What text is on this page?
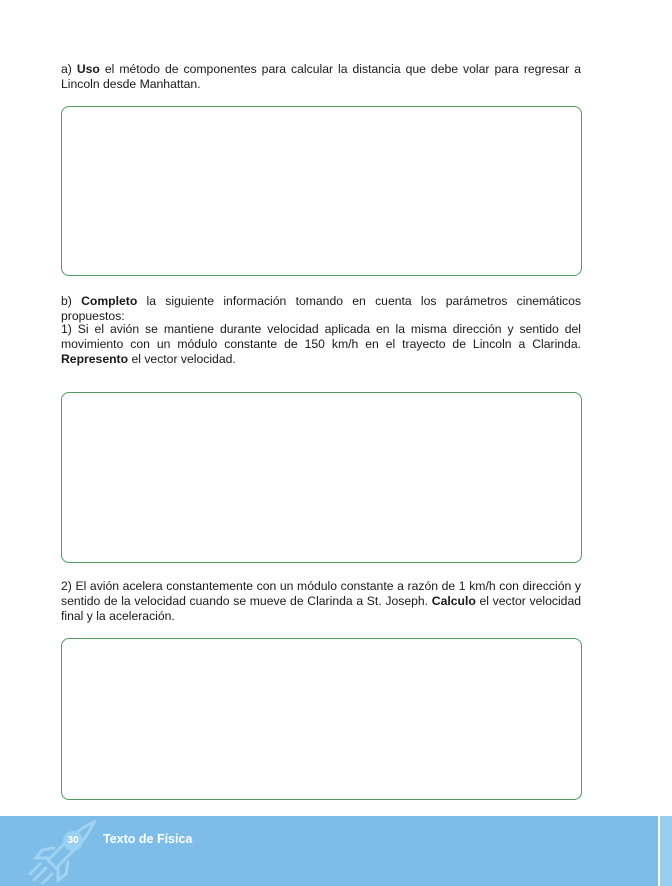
a) Uso el método de componentes para calcular la distancia que debe volar para regresar a Lincoln desde Manhattan.

b) Completo la siguiente información tomando en cuenta los parámetros cinemáticos propuestos:

1) Si el avión se mantiene durante velocidad aplicada en la misma dirección y sentido del movimiento con un módulo constante de 150 km/h en el trayecto de Lincoln a Clarinda. Represento el vector velocidad.

2) El avión acelera constantemente con un módulo constante a razón de 1 km/h con dirección y sentido de la velocidad cuando se mueve de Clarinda a St. Joseph. Calculo el vector velocidad final y la aceleración.

30	Texto de Física
